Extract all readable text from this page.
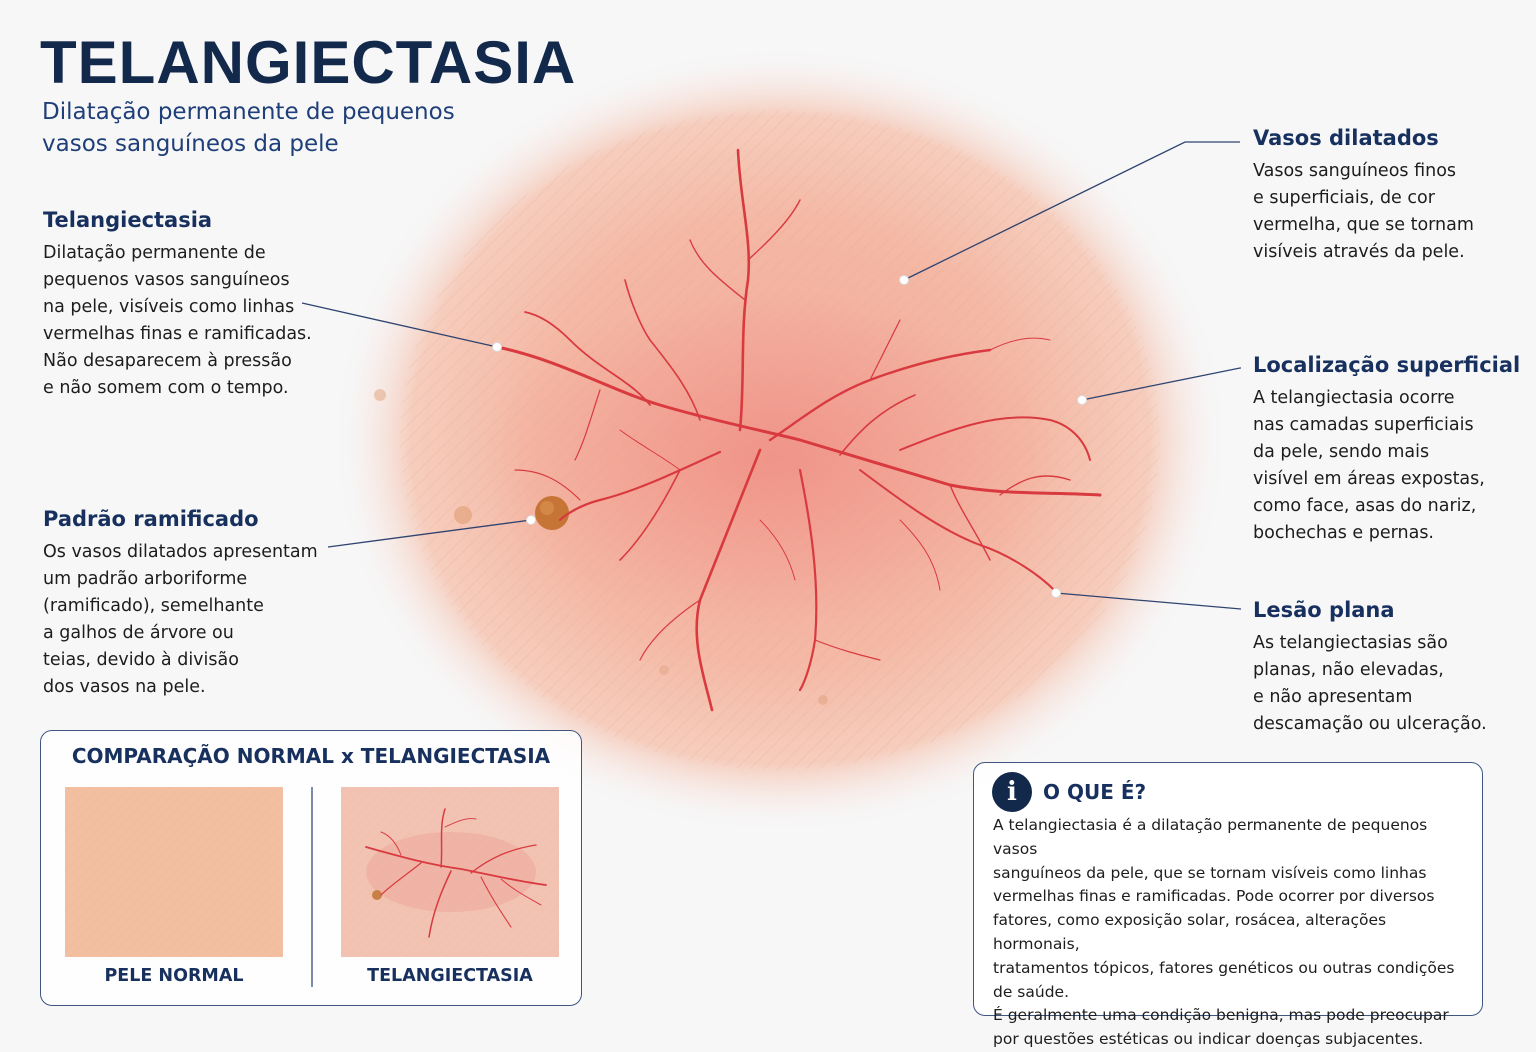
TELANGIECTASIA
Dilatação permanente de pequenos vasos sanguíneos da pele
Telangiectasia

Dilatação permanente de
pequenos vasos sanguíneos
na pele, visíveis como linhas
vermelhas finas e ramificadas.
Não desaparecem à pressão
e não somem com o tempo.

Padrão ramificado

Os vasos dilatados apresentam
um padrão arboriforme
(ramificado), semelhante
a galhos de árvore ou
teias, devido à divisão
dos vasos na pele.

Vasos dilatados

Vasos sanguíneos finos
e superficiais, de cor
vermelha, que se tornam
visíveis através da pele.

Localização superficial

A telangiectasia ocorre
nas camadas superficiais
da pele, sendo mais
visível em áreas expostas,
como face, asas do nariz,
bochechas e pernas.

Lesão plana

As telangiectasias são
planas, não elevadas,
e não apresentam
descamação ou ulceração.

COMPARAÇÃO NORMAL x TELANGIECTASIA
PELE NORMAL	TELANGIECTASIA
i	O QUE É?

A telangiectasia é a dilatação permanente de pequenos vasos
sanguíneos da pele, que se tornam visíveis como linhas
vermelhas finas e ramificadas. Pode ocorrer por diversos
fatores, como exposição solar, rosácea, alterações hormonais,
tratamentos tópicos, fatores genéticos ou outras condições
de saúde.
É geralmente uma condição benigna, mas pode preocupar
por questões estéticas ou indicar doenças subjacentes.
